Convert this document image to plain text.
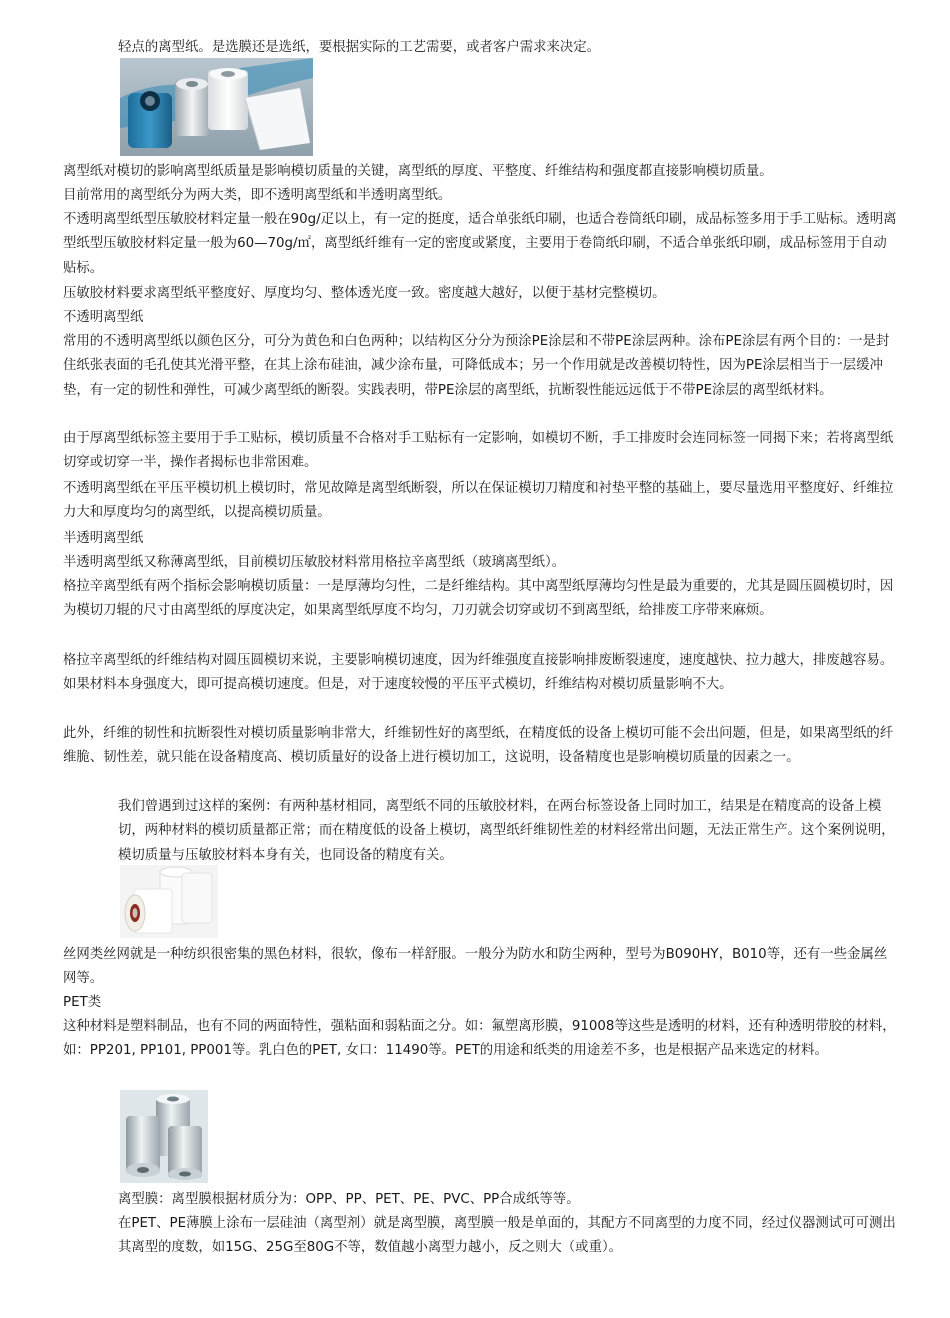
轻点的离型纸。是选膜还是选纸，要根据实际的工艺需要，或者客户需求来决定。

离型纸对模切的影响离型纸质量是影响模切质量的关键，离型纸的厚度、平整度、纤维结构和强度都直接影响模切质量。

目前常用的离型纸分为两大类，即不透明离型纸和半透明离型纸。

不透明离型纸型压敏胶材料定量一般在90g/疋以上，有一定的挺度，适合单张纸印刷，也适合卷筒纸印刷，成品标签多用于手工贴标。透明离型纸型压敏胶材料定量一般为60—70g/㎡，离型纸纤维有一定的密度或紧度，主要用于卷筒纸印刷，不适合单张纸印刷，成品标签用于自动贴标。

压敏胶材料要求离型纸平整度好、厚度均匀、整体透光度一致。密度越大越好，以便于基材完整模切。

不透明离型纸

常用的不透明离型纸以颜色区分，可分为黄色和白色两种；以结构区分分为预涂PE涂层和不带PE涂层两种。涂布PE涂层有两个目的：一是封住纸张表面的毛孔使其光滑平整，在其上涂布硅油，减少涂布量，可降低成本；另一个作用就是改善模切特性，因为PE涂层相当于一层缓冲垫，有一定的韧性和弹性，可减少离型纸的断裂。实践表明，带PE涂层的离型纸，抗断裂性能远远低于不带PE涂层的离型纸材料。

由于厚离型纸标签主要用于手工贴标，模切质量不合格对手工贴标有一定影响，如模切不断，手工排废时会连同标签一同揭下来；若将离型纸切穿或切穿一半，操作者揭标也非常困难。

不透明离型纸在平压平模切机上模切时，常见故障是离型纸断裂，所以在保证模切刀精度和衬垫平整的基础上，要尽量选用平整度好、纤维拉力大和厚度均匀的离型纸，以提高模切质量。

半透明离型纸

半透明离型纸又称薄离型纸，目前模切压敏胶材料常用格拉辛离型纸（玻璃离型纸）。

格拉辛离型纸有两个指标会影响模切质量：一是厚薄均匀性，二是纤维结构。其中离型纸厚薄均匀性是最为重要的，尤其是圆压圆模切时，因为模切刀辊的尺寸由离型纸的厚度决定，如果离型纸厚度不均匀，刀刃就会切穿或切不到离型纸，给排废工序带来麻烦。

格拉辛离型纸的纤维结构对圆压圆模切来说，主要影响模切速度，因为纤维强度直接影响排废断裂速度，速度越快、拉力越大，排废越容易。如果材料本身强度大，即可提高模切速度。但是，对于速度较慢的平压平式模切，纤维结构对模切质量影响不大。

此外，纤维的韧性和抗断裂性对模切质量影响非常大，纤维韧性好的离型纸，在精度低的设备上模切可能不会出问题，但是，如果离型纸的纤维脆、韧性差，就只能在设备精度高、模切质量好的设备上进行模切加工，这说明，设备精度也是影响模切质量的因素之一。

我们曾遇到过这样的案例：有两种基材相同，离型纸不同的压敏胶材料，在两台标签设备上同时加工，结果是在精度高的设备上模切，两种材料的模切质量都正常；而在精度低的设备上模切，离型纸纤维韧性差的材料经常出问题，无法正常生产。这个案例说明，模切质量与压敏胶材料本身有关，也同设备的精度有关。

丝网类丝网就是一种纺织很密集的黑色材料，很软，像布一样舒服。一般分为防水和防尘两种，型号为B090HY，B010等，还有一些金属丝网等。

PET类

这种材料是塑料制品，也有不同的两面特性，强粘面和弱粘面之分。如：氟塑离形膜，91008等这些是透明的材料，还有种透明带胶的材料，如：PP201, PP101, PP001等。乳白色的PET, 女口：11490等。PET的用途和纸类的用途差不多，也是根据产品来选定的材料。

离型膜：离型膜根据材质分为：OPP、PP、PET、PE、PVC、PP合成纸等等。

在PET、PE薄膜上涂布一层硅油（离型剂）就是离型膜，离型膜一般是单面的，其配方不同离型的力度不同，经过仪器测试可可测出其离型的度数，如15G、25G至80G不等，数值越小离型力越小，反之则大（或重）。
